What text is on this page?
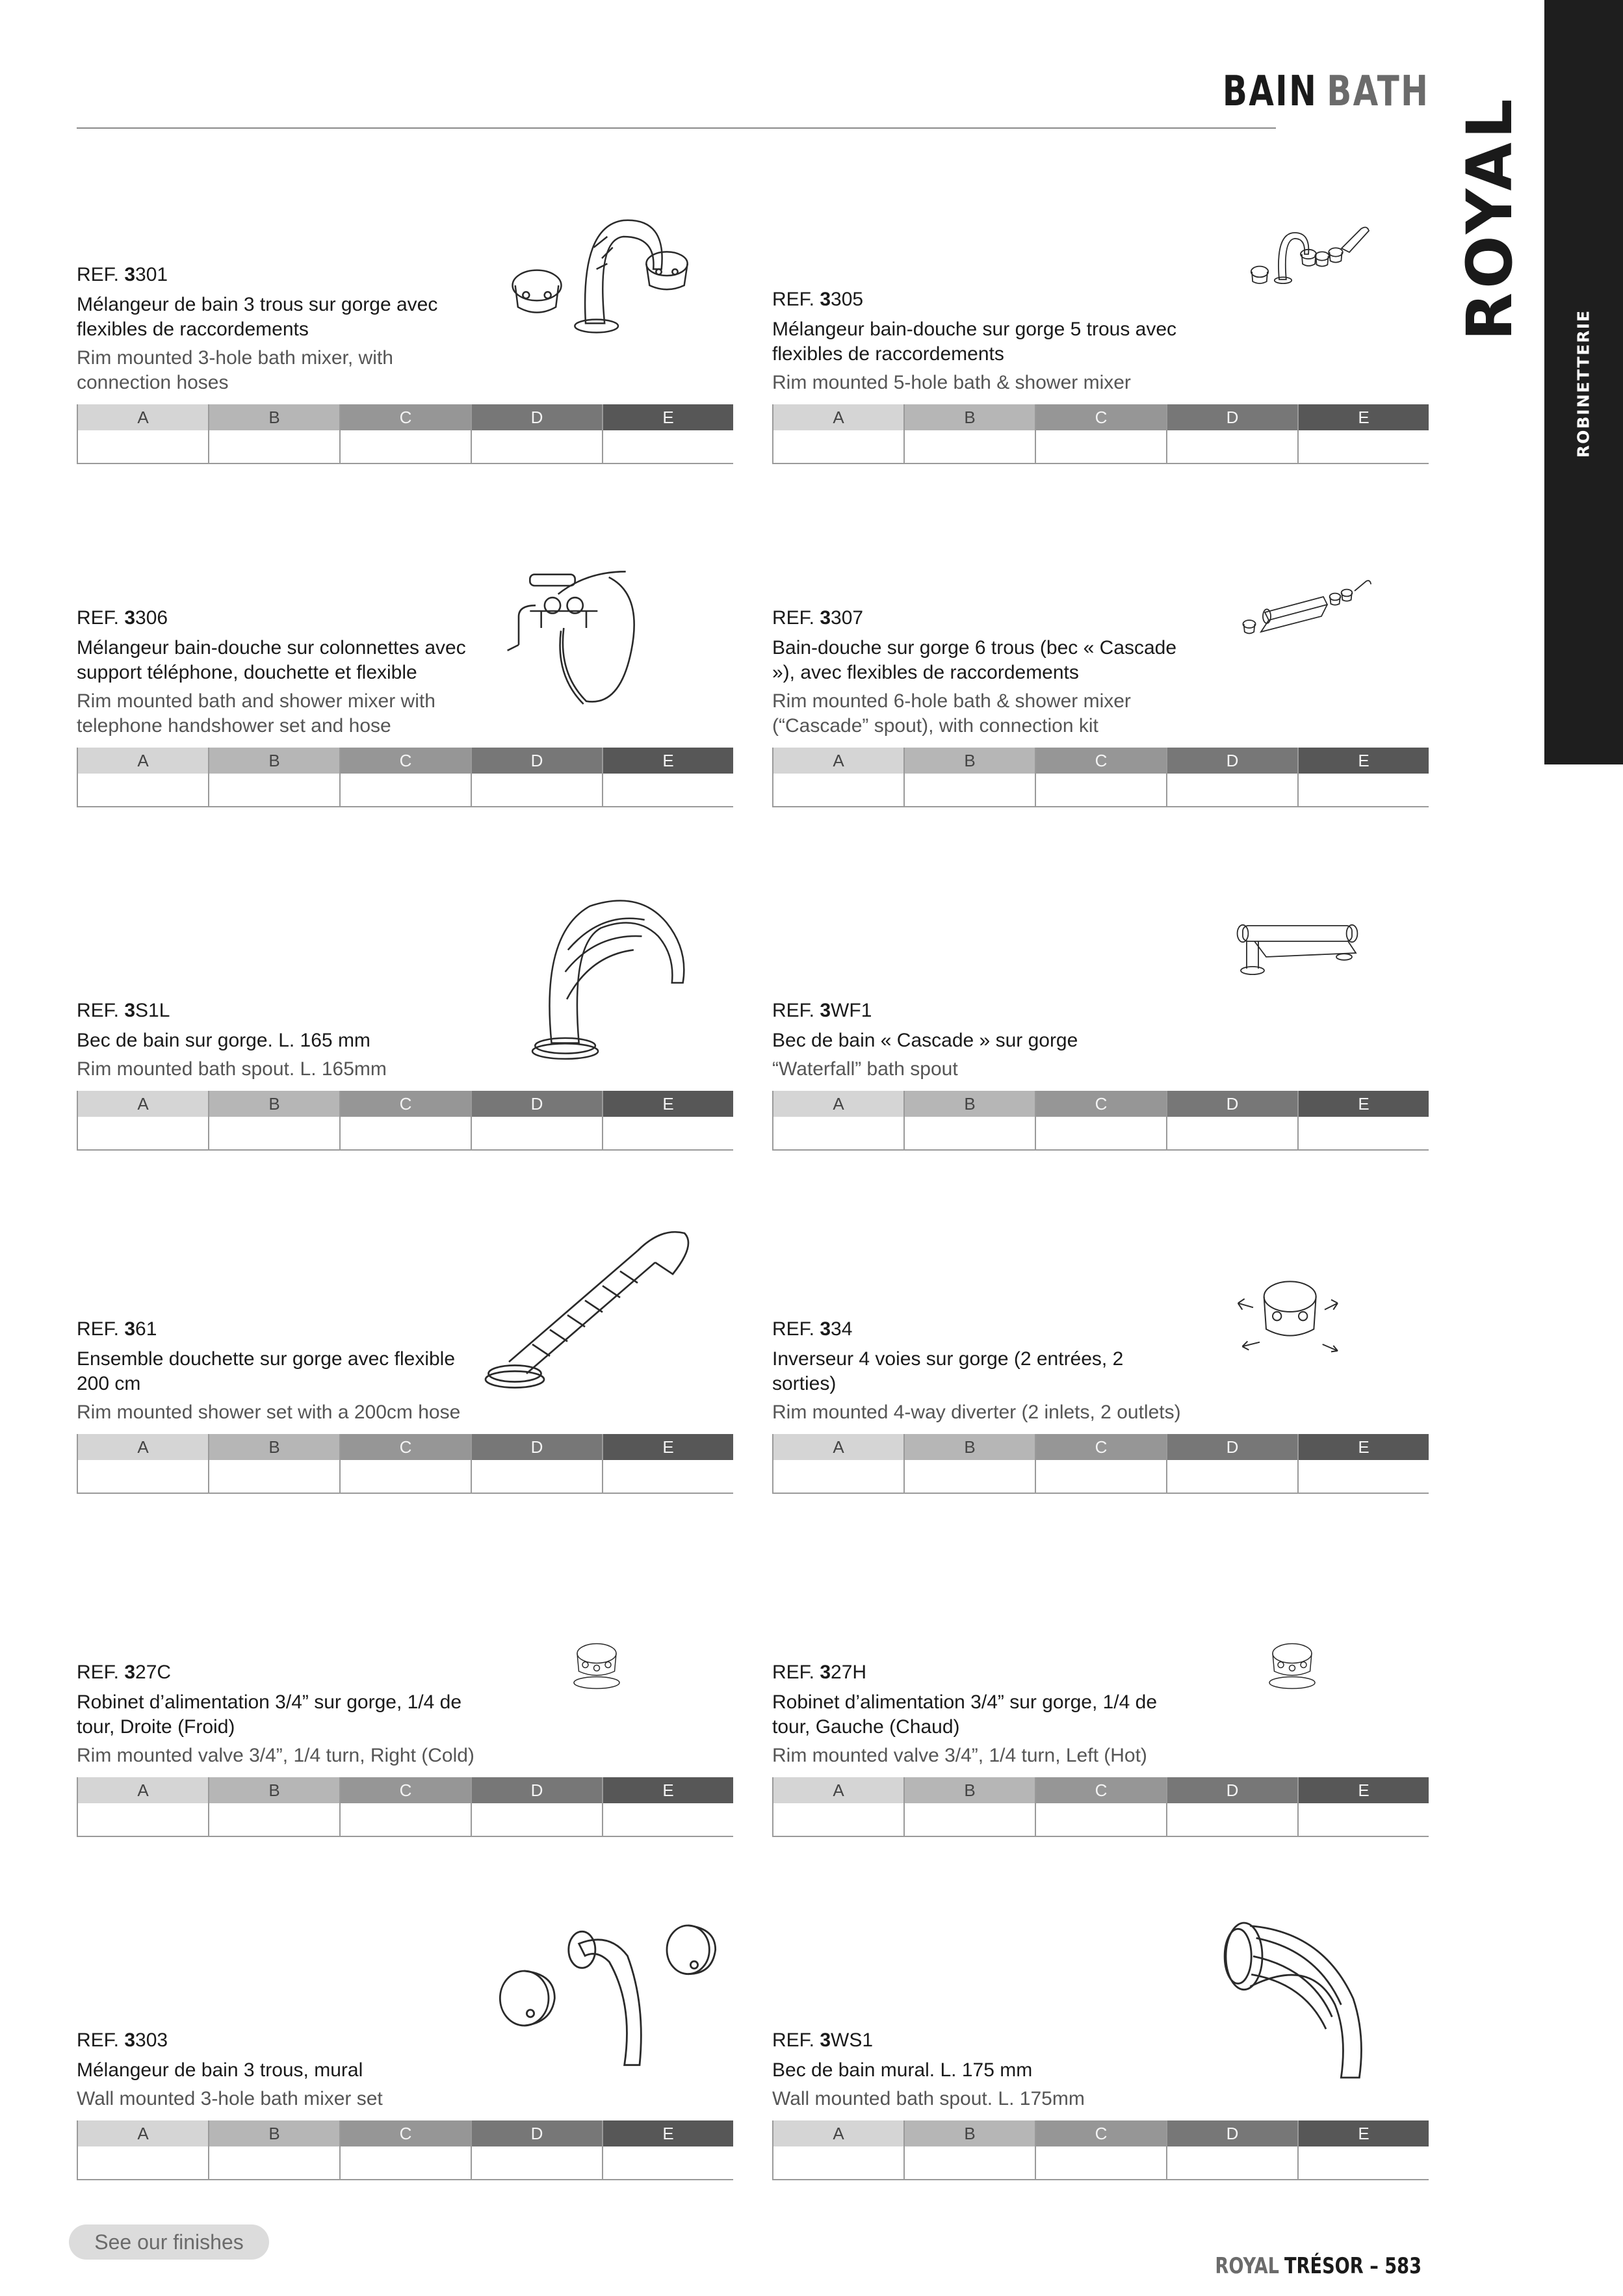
BAIN BATH
ROBINETTERIE
ROYAL
REF. 3301
Mélangeur de bain 3 trous sur gorge avec flexibles de raccordements
Rim mounted 3-hole bath mixer, with connection hoses
A	B	C	D	E
REF. 3305
Mélangeur bain-douche sur gorge 5 trous avec flexibles de raccordements
Rim mounted 5-hole bath & shower mixer
A	B	C	D	E
REF. 3306
Mélangeur bain-douche sur colonnettes avec support téléphone, douchette et flexible
Rim mounted bath and shower mixer with telephone handshower set and hose
A	B	C	D	E
REF. 3307
Bain-douche sur gorge 6 trous (bec « Cascade »), avec flexibles de raccordements
Rim mounted 6-hole bath & shower mixer (“Cascade” spout), with connection kit
A	B	C	D	E
REF. 3S1L
Bec de bain sur gorge. L. 165 mm
Rim mounted bath spout. L. 165mm
A	B	C	D	E
REF. 3WF1
Bec de bain « Cascade » sur gorge
“Waterfall” bath spout
A	B	C	D	E
REF. 361
Ensemble douchette sur gorge avec flexible 200 cm
Rim mounted shower set with a 200cm hose
A	B	C	D	E
REF. 334
Inverseur 4 voies sur gorge (2 entrées, 2 sorties)
Rim mounted 4-way diverter (2 inlets, 2 outlets)
A	B	C	D	E
REF. 327C
Robinet d’alimentation 3/4” sur gorge, 1/4 de tour, Droite (Froid)
Rim mounted valve 3/4”, 1/4 turn, Right (Cold)
A	B	C	D	E
REF. 327H
Robinet d’alimentation 3/4” sur gorge, 1/4 de tour, Gauche (Chaud)
Rim mounted valve 3/4”, 1/4 turn, Left (Hot)
A	B	C	D	E
REF. 3303
Mélangeur de bain 3 trous, mural
Wall mounted 3-hole bath mixer set
A	B	C	D	E
REF. 3WS1
Bec de bain mural. L. 175 mm
Wall mounted bath spout. L. 175mm
A	B	C	D	E
See our finishes
ROYAL TRÉSOR – 583
